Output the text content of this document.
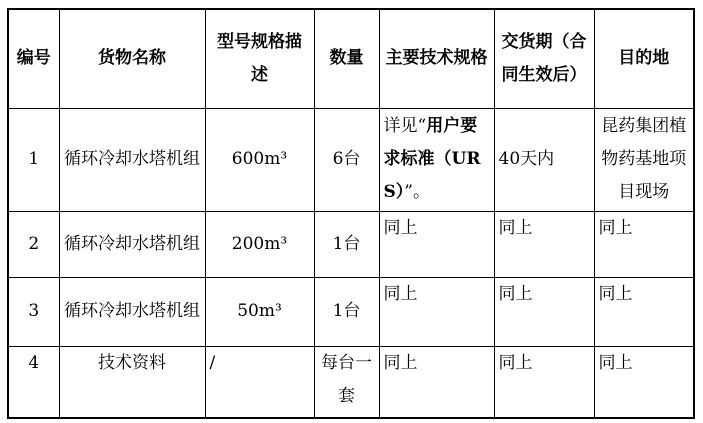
编号	货物名称	型号规格描述	数量	主要技术规格	交货期（合同生效后）	目的地
1	循环冷却水塔机组	600m³	6台	详见“用户要求标准（URS）”。	40天内	昆药集团植物药基地项目现场
2	循环冷却水塔机组	200m³	1台	同上	同上	同上
3	循环冷却水塔机组	50m³	1台	同上	同上	同上
4	技术资料	/	每台一套	同上	同上	同上
